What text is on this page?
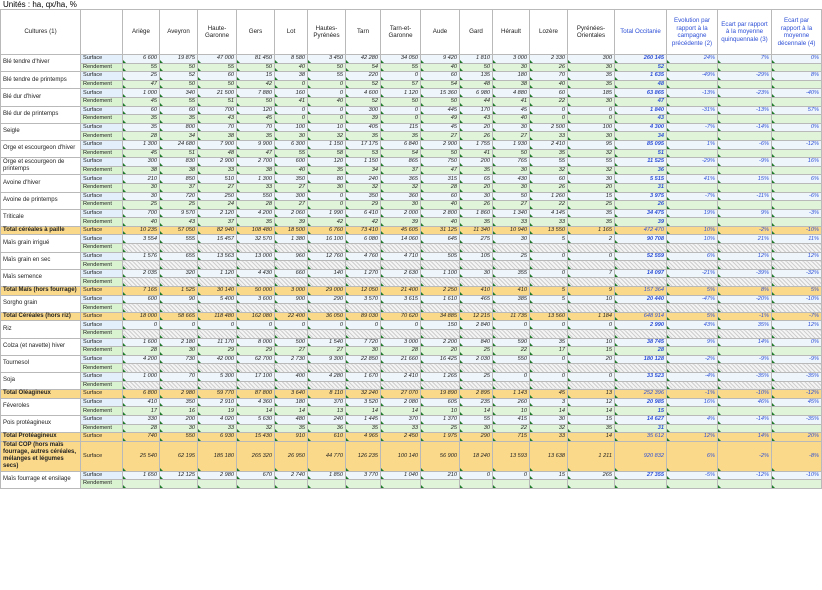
Unités : ha, qx/ha, %
Cultures (1)		Ariège	Aveyron	Haute-Garonne	Gers	Lot	Hautes-Pyrénées	Tarn	Tarn-et-Garonne	Aude	Gard	Hérault	Lozère	Pyrénées-Orientales	Total Occitanie	Evolution par rapport à la campagne précédente (2)	Ecart par rapport à la moyenne quinquennale (3)	Ecart par rapport à la moyenne décennale (4)
Blé tendre d'hiver	Surface	6 600	19 875	47 000	81 450	8 580	3 450	42 280	34 050	9 420	1 810	3 000	2 330	300	260 145	24%	7%	0%
	Rendement	55	50	55	50	40	50	54	55	40	50	30	26	30	52			
Blé tendre de printemps	Surface	25	52	60	15	38	55	220	0	60	135	180	70	35	1 635	-49%	-29%	8%
	Rendement	47	50	50	42	0	0	52	57	54	48	38	40	35	48			
Blé dur d'hiver	Surface	1 000	340	21 500	7 880	160	0	4 600	1 120	15 360	6 980	4 880	60	185	63 865	-13%	-23%	-40%
	Rendement	45	55	51	50	41	40	52	50	50	44	41	22	30	47			
Blé dur de printemps	Surface	60	60	700	120	0	0	300	0	445	170	45	0	0	1 840	-31%	-13%	57%
	Rendement	35	35	43	45	0	0	39	0	49	43	40	0	0	43			
Seigle	Surface	35	800	70	70	100	10	405	115	45	20	30	2 500	100	4 300	-7%	-14%	0%
	Rendement	28	34	38	35	30	32	35	35	27	26	27	33	30	34			
Orge et escourgeon d'hiver	Surface	1 300	24 680	7 900	9 900	6 300	1 150	17 175	6 840	2 900	1 755	1 930	2 410	95	85 095	1%	-6%	-12%
	Rendement	45	51	48	47	55	58	53	54	50	41	50	35	32	51			
Orge et escourgeon de printemps	Surface	300	830	2 900	2 700	600	120	1 150	865	750	200	765	55	55	11 525	-29%	-9%	16%
	Rendement	38	38	33	38	40	35	34	37	47	35	30	32	32	36			
Avoine d'hiver	Surface	210	850	510	1 300	350	80	240	365	315	65	430	60	30	5 515	41%	15%	6%
	Rendement	30	37	27	33	27	30	32	32	28	20	30	26	20	31			
Avoine de printemps	Surface	30	720	250	550	300	0	350	360	60	30	50	1 260	15	3 975	-7%	-11%	-6%
	Rendement	25	25	24	28	27	0	29	30	40	26	27	22	25	26			
Triticale	Surface	700	9 570	2 120	4 200	2 060	1 990	6 410	2 000	2 800	1 860	1 340	4 145	35	34 475	19%	9%	-3%
	Rendement	40	43	37	35	39	42	42	39	40	35	33	33	35	39			
Total céréales à paille	Surface	10 235	57 050	82 940	108 480	18 500	6 760	73 410	45 605	31 125	11 340	10 940	13 550	1 165	472 470	10%	-2%	-10%
Maïs grain irrigué	Surface	3 554	555	15 457	32 570	1 380	16 100	6 080	14 060	645	275	30	5	2	90 708	10%	21%	11%
	Rendement																	
Maïs grain en sec	Surface	1 576	655	13 563	13 000	960	12 760	4 760	4 710	505	105	25	0	0	52 559	6%	12%	12%
	Rendement																	
Maïs semence	Surface	2 035	320	1 120	4 430	660	140	1 270	2 630	1 100	30	355	0	7	14 097	-21%	-39%	-32%
	Rendement																	
Total Maïs (hors fourrage)	Surface	7 165	1 525	30 140	50 000	3 000	29 000	12 050	21 400	2 250	410	410	5	9	157 364	5%	8%	5%
Sorgho grain	Surface	600	90	5 400	3 600	900	290	3 570	3 615	1 610	465	385	5	10	20 440	-47%	-20%	-10%
	Rendement																	
Total Céréales (hors riz)	Surface	18 000	58 665	118 480	162 080	22 400	36 050	89 030	70 620	34 885	12 215	11 735	13 560	1 184	648 914	5%	-1%	-7%
Riz	Surface	0	0	0	0	0	0	0	0	150	2 840	0	0	0	2 990	43%	35%	12%
	Rendement																	
Colza (et navette) hiver	Surface	1 600	2 180	11 170	8 000	500	1 540	7 720	3 000	2 200	840	590	35	10	38 745	9%	14%	0%
	Rendement	28	30	29	29	27	27	30	28	20	25	22	17	15	28			
Tournesol	Surface	4 200	730	42 000	62 700	2 730	9 300	22 850	21 660	16 425	2 030	550	0	20	180 128	-2%	-9%	-9%
	Rendement																	
Soja	Surface	1 000	70	5 300	17 100	400	4 280	1 670	2 410	1 265	25	0	0	0	33 523	-4%	-35%	-35%
	Rendement																	
Total Oléagineux	Surface	6 800	2 980	59 770	87 800	3 640	8 110	32 240	27 070	19 890	2 895	1 143	45	13	252 396	-1%	-10%	-12%
Féveroles	Surface	410	350	2 910	4 360	180	370	3 520	2 080	605	235	260	3	12	20 985	16%	46%	45%
	Rendement	17	16	19	14	14	13	14	14	10	14	10	14	14	15			
Pois protéagineux	Surface	330	200	4 020	5 630	480	240	1 445	370	1 370	55	415	30	15	14 627	4%	-14%	-35%
	Rendement	28	30	33	32	35	36	35	33	25	30	22	32	35	31			
Total Protéagineux	Surface	740	550	6 930	15 430	910	610	4 965	2 450	1 975	290	715	33	14	35 612	12%	14%	20%
Total COP (hors maïs fourrage, autres céréales, mélanges et légumes secs)	Surface	25 540	62 195	185 180	265 320	26 950	44 770	126 235	100 140	56 900	18 240	13 593	13 638	1 211	920 832	6%	-2%	-8%
Maïs fourrage et ensilage	Surface	1 650	12 125	2 980	670	2 740	1 850	3 770	1 040	210	0	0	15	265	27 355	-5%	-12%	-10%
	Rendement																	
